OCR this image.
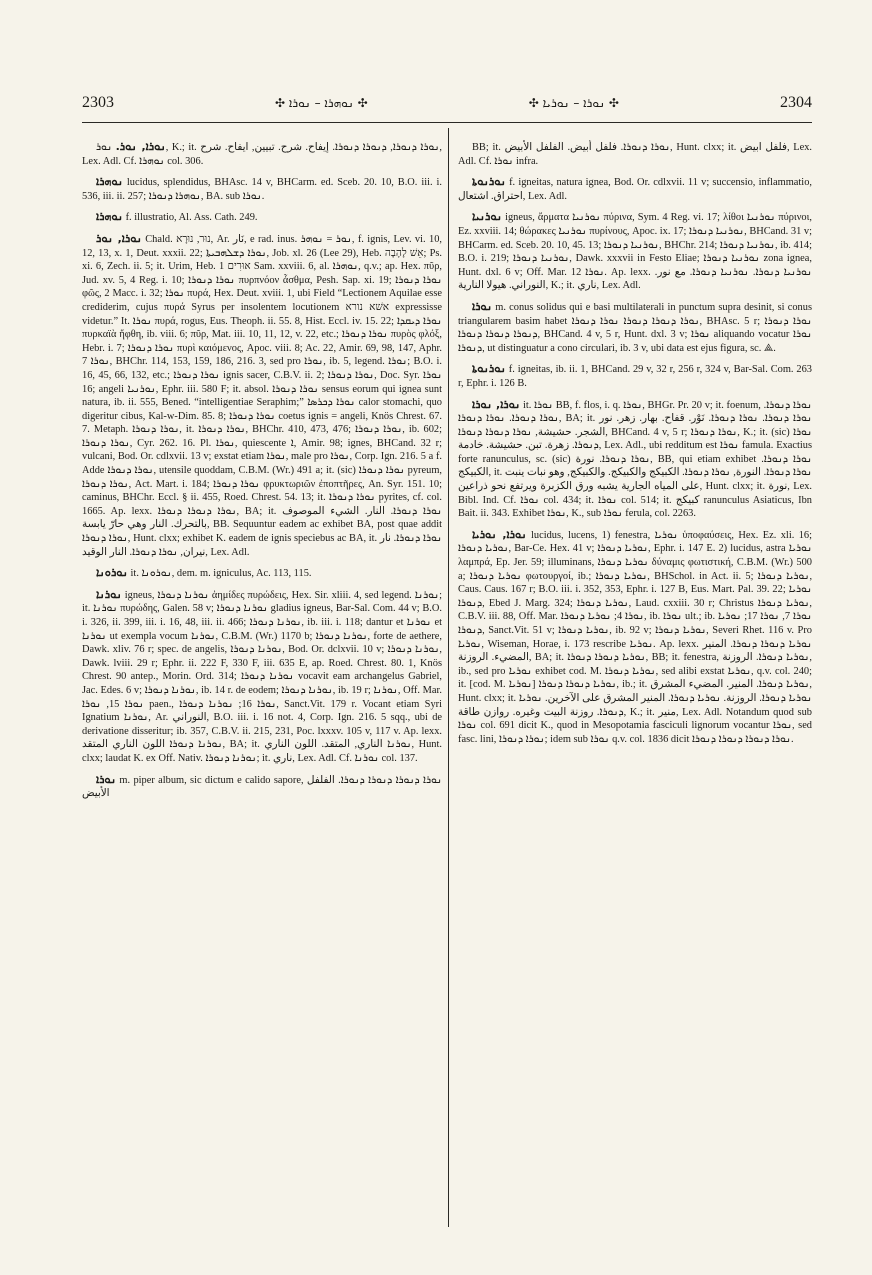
2303	✣ ܢܘܗܪܐ – ܢܘܪܐ ✣	✣ ܢܘܪܐ – ܢܘܪܝܐ ✣	2304

ܢܘܪܐ, ܢܘܪ. ܢܘܪ, K.; it. ܢܘܪܐ ܕܢܘܪܐ, ܕܢܘܪܐ ܕܢܘܪܐ. إيفاح. شرح. تبيين, ايفاح. شرح, Lex. Adl. Cf. ܢܘܗܪܐ col. 306.

ܢܘܗܪܐ lucidus, splendidus, BHAsc. 14 v, BHCarm. ed. Sceb. 20. 10, B.O. iii. i. 536, iii. ii. 257; ܢܘܗܪܐ ܕܢܘܪܐ, BA. sub ܢܘܪܐ.

ܢܘܗܪܐ f. illustratio, Al. Ass. Cath. 249.

ܢܘܪܐ, ܢܘܪ Chald. נוּר, נוּרָא, Ar. نَار, e rad. inus. ܢܘܪ = ܢܘܗܪ, f. ignis, Lev. vi. 10, 12, 13, x. 1, Deut. xxxii. 22; ܢܘܪܐ ܕܫܠܗܒܝܬܐ, Job. xl. 26 (Lee 29), Heb. אֵשׁ לָהָבָה; Ps. xi. 6, Zech. ii. 5; it. Urim, Heb. אוּרִים 1 Sam. xxviii. 6, al. ܢܘܗܪܐ, q.v.; ap. Hex. πῦρ, Jud. xv. 5, 4 Reg. i. 10; ܢܘܪܐ ܕܢܘܪܐ πυρπνόον ἆσθμα, Pesh. Sap. xi. 19; ܢܘܪܐ ܕܢܘܪܐ φῶς, 2 Macc. i. 32; ܢܘܪܐ πυρά, Hex. Deut. xviii. 1, ubi Field “Lectionem Aquilae esse crediderim, cujus πυρά Syrus per insolentem locutionem אשׁא נורא expressisse videtur.” It. ܢܘܪܐ πυρά, rogus, Eus. Theoph. ii. 55. 8, Hist. Eccl. iv. 15. 22; ܢܘܪܐ ܕܝܩܕܐ πυρκαϊὰ ἥφθη, ib. viii. 6; πῦρ, Mat. iii. 10, 11, 12, v. 22, etc.; ܢܘܪܐ ܕܢܘܪܐ πυρὸς φλόξ, Hebr. i. 7; ܢܘܪܐ ܕܢܘܪܐ πυρὶ καιόμενος, Apoc. viii. 8; Ac. 22, Amir. 69, 98, 147, Aphr. ܢܘܪܐ 7, BHChr. 114, 153, 159, 186, 216. 3, sed pro ܢܘܪܐ, ib. 5, legend. ܢܘܪܐ; B.O. i. 16, 45, 66, 132, etc.; ܢܘܪܐ ܕܢܘܪܐ ignis sacer, C.B.V. ii. 2; ܢܘܪܐ ܕܢܘܪܐ, Doc. Syr. ܢܘܪܐ 16; angeli ܢܘܪܢܝܐ, Ephr. iii. 580 F; it. absol. ܢܘܪܐ ܕܢܘܪܐ sensus eorum qui ignea sunt natura, ib. ii. 555, Bened. “intelligentiae Seraphim;” ܢܘܪܐ ܕܟܪܣܐ calor stomachi, quo digeritur cibus, Kal-w-Dim. 85. 8; ܢܘܪܐ ܕܢܘܪܐ coetus ignis = angeli, Knös Chrest. 67. 7. Metaph. ܢܘܪܐ ܕܢܘܪܐ, it. ܢܘܪܐ ܕܢܘܪܐ, BHChr. 410, 473, 476; ܢܘܪܐ ܕܢܘܪܐ, ib. 602; ܢܘܪܐ ܕܢܘܪܐ, Cyr. 262. 16. Pl. ܢܘܪܐ, quiescente ܐ, Amir. 98; ignes, BHCand. 32 r; vulcani, Bod. Or. cdlxvii. 13 v; exstat etiam ܢܘܪܐ, male pro ܢܘܪܐ, Corp. Ign. 216. 5 a f. Adde ܢܘܪܐ ܕܢܘܪܐ, utensile quoddam, C.B.M. (Wr.) 491 a; it. (sic) ܢܘܪܐ ܕܢܘܪܐ pyreum, ܢܘܪܐ ܕܢܘܪܐ, Act. Mart. i. 184; ܢܘܪܐ ܕܢܘܪܐ φρυκτωριῶν ἐποπτῆρες, An. Syr. 151. 10; caminus, BHChr. Eccl. § ii. 455, Roed. Chrest. 54. 13; it. ܢܘܪܐ ܕܢܘܪܐ pyrites, cf. col. 1665. Ap. lexx. ܢܘܪܐ ܕܢܘܪܐ ܕܢܘܪܐ, BA; it. ܢܘܪܐ ܕܢܘܪܐ. النار. الشيء الموصوف بالتحرك. النار وهي حارّ يابسة, BB. Sequuntur eadem ac exhibet BA, post quae addit ܢܘܪܐ ܕܢܘܪܐ, Hunt. clxx; exhibet K. eadem de ignis speciebus ac BA, it. ܢܘܪܐ ܕܢܘܪܐ. نار نيران, ܢܘܪܐ ܕܢܘܪܐ. النار الوقيد, Lex. Adl.

ܢܘܪܘܢܐ it. ܢܘܪܘܢܐ, dem. m. igniculus, Ac. 113, 115.

ܢܘܪܢܐ igneus, ܢܘܪܢܐ ܕܢܘܪܐ ἀημίδες πυρώδεις, Hex. Sir. xliii. 4, sed legend. ܢܘܪܢܐ; it. ܢܘܪܢܐ πυρώδης, Galen. 58 v; ܢܘܪܢܐ ܕܢܘܪܐ gladius igneus, Bar-Sal. Com. 44 v; B.O. i. 326, ii. 399, iii. i. 16, 48, iii. ii. 466; ܢܘܪܢܐ ܕܢܘܪܐ, ib. iii. i. 118; dantur et ܢܘܪܢܐ et ܢܘܪܢܐ ut exempla vocum ܢܘܪܢܐ, C.B.M. (Wr.) 1170 b; ܢܘܪܢܐ ܕܢܘܪܐ, forte de aethere, Dawk. xliv. 76 r; spec. de angelis, ܢܘܪܢܐ ܕܢܘܪܐ, Bod. Or. dclxvii. 10 v; ܢܘܪܢܐ ܕܢܘܪܐ, Dawk. lviii. 29 r; Ephr. ii. 222 F, 330 F, iii. 635 E, ap. Roed. Chrest. 80. 1, Knös Chrest. 90 antep., Morin. Ord. 314; ܢܘܪܢܐ ܕܢܘܪܐ vocavit eam archangelus Gabriel, Jac. Edes. 6 v; ܢܘܪܢܐ ܕܢܘܪܐ, ib. 14 r. de eodem; ܢܘܪܢܐ ܕܢܘܪܐ, ib. 19 r; ܢܘܪܢܐ, Off. Mar. ܢܘܪܐ 15, ܢܘܪܐ paen., ܢܘܪܐ 16; ܢܘܪܢܐ ܕܢܘܪܐ, Sanct.Vit. 179 r. Vocant etiam Syri Ignatium ܢܘܪܢܐ, Ar. النوراني, B.O. iii. i. 16 not. 4, Corp. Ign. 216. 5 sqq., ubi de derivatione disseritur; ib. 357, C.B.V. ii. 215, 231, Poc. lxxxv. 105 v, 117 v. Ap. lexx. ܢܘܪܢܐ ܕܢܘܪܐ اللون الناري المتقد, BA; it. ܢܘܪܢܐ الناري, المتقد. اللون الناري, Hunt. clxx; laudat K. ex Off. Nativ. ܢܘܪܢܐ ܕܢܘܪܐ; it. ناري, Lex. Adl. Cf. ܢܘܪܢܐ col. 137.

ܢܘܪܐ m. piper album, sic dictum e calido sapore, ܢܘܪܐ ܕܢܘܪܐ ܕܢܘܪܐ ܕܢܘܪܐ. الفلفل الأبيض

BB; it. ܢܘܪܐ ܕܢܘܪܐ. فلفل أبيض. الفلفل الأبيض, Hunt. clxx; it. فلفل ابيض, Lex. Adl. Cf. ܢܘܪܐ infra.

ܢܘܪܢܘܬܐ f. igneitas, natura ignea, Bod. Or. cdlxvii. 11 v; succensio, inflammatio, احتراق. اشتعال, Lex. Adl.

ܢܘܪܢܝܐ igneus, ἄρματα ܢܘܪܢܝܐ πύρινα, Sym. 4 Reg. vi. 17; λίθοι ܢܘܪܢܝܐ πύρινοι, Ez. xxviii. 14; θώρακες ܢܘܪܢܝܐ πυρίνους, Apoc. ix. 17; ܢܘܪܢܝܐ ܕܢܘܪܐ, BHCand. 31 v; BHCarm. ed. Sceb. 20. 10, 45. 13; ܢܘܪܢܝܐ ܕܢܘܪܐ, BHChr. 214; ܢܘܪܢܝܐ ܕܢܘܪܐ, ib. 414; B.O. i. 219; ܢܘܪܢܝܐ ܕܢܘܪܐ, Dawk. xxxvii in Festo Eliae; ܢܘܪܢܝܐ ܕܢܘܪܐ zona ignea, Hunt. dxl. 6 v; Off. Mar. ܢܘܪܐ 12. Ap. lexx. ܢܘܪܢܝܐ ܕܢܘܪܐ. ܢܘܪܢܝܐ ܕܢܘܪܐ. مع نور. النوراني. هيولا النارية, K.; it. ناري, Lex. Adl.

ܢܘܪܐ m. conus solidus qui e basi multilaterali in punctum supra desinit, si conus triangularem basim habet ܢܘܪܐ ܕܢܘܪܐ ܕܢܘܪܐ ܢܘܪܐ ܕܢܘܪܐ, BHAsc. 5 r; ܢܘܪܐ ܕܢܘܪܐ ܕܢܘܪܐ ܕܢܘܪܐ ܕܢܘܪܐ, BHCand. 4 v, 5 r, Hunt. dxl. 3 v; ܢܘܪܐ aliquando vocatur ܢܘܪܐ ܕܢܘܪܐ, ut distinguatur a cono circulari, ib. 3 v, ubi data est ejus figura, sc. ⟁.

ܢܘܪܢܘܬܐ f. igneitas, ib. ii. 1, BHCand. 29 v, 32 r, 256 r, 324 v, Bar-Sal. Com. 263 r, Ephr. i. 126 B.

ܢܘܪܐ, ܢܘܪܐ it. ܢܘܪܐ BB, f. flos, i. q. ܢܘܪܐ, BHGr. Pr. 20 v; it. foenum, ܢܘܪܐ ܕܢܘܪܐ. ܢܘܪܐ ܕܢܘܪܐ. ܢܘܪܐ ܕܢܘܪܐ, BA; it. ܢܘܪܐ ܕܢܘܪܐ. ܢܘܪܐ ܕܢܘܪܐ. نَوْر. قفاح. بهار. زهر. نور الشجر. حشيشة, ܢܘܪܐ ܕܢܘܪܐ ܕܢܘܪܐ, BHCand. 4 v, 5 r; ܢܘܪܐ ܕܢܘܪܐ, K.; it. (sic) ܢܘܪܐ ܕܢܘܪܐ. زهرة. تبن. حشيشة. خادمة, Lex. Adl., ubi redditum est ܢܘܪܐ famula. Exactius forte ranunculus, sc. (sic) ܢܘܪܐ ܕܢܘܪܐ. نورة, BB, qui etiam exhibet ܢܘܪܐ ܕܢܘܪܐ. الكبيكج, it. ܢܘܪܐ ܕܢܘܪܐ. النورة, ܢܘܪܐ ܕܢܘܪܐ. الكبيكج والكبيكج. والكبيكج, وهو نبات ينبت على المياه الجارية يشبه ورق الكزبرة ويرتفع نحو ذراعين, Hunt. clxx; it. نورة, Lex. Bibl. Ind. Cf. ܢܘܪܐ col. 434; it. ܢܘܪܐ col. 514; it. كبيكج ranunculus Asiaticus, Ibn Bait. ii. 343. Exhibet ܢܘܪܐ, K., sub ܢܘܪܐ ferula, col. 2263.

ܢܘܪܐ, ܢܘܪܝܐ lucidus, lucens, 1) fenestra, ܢܘܪܝܐ ὑποφαύσεις, Hex. Ez. xli. 16; ܢܘܪܝܐ ܕܢܘܪܐ, Bar-Ce. Hex. 41 v; ܢܘܪܝܐ ܕܢܘܪܐ, Ephr. i. 147 E. 2) lucidus, astra ܢܘܪܝܐ λαμπρά, Ep. Jer. 59; illuminans, ܢܘܪܝܐ ܕܢܘܪܐ δύναμις φωτιστική, C.B.M. (Wr.) 500 a; ܢܘܪܝܐ ܕܢܘܪܐ φωτουργοί, ib.; ܢܘܪܝܐ ܕܢܘܪܐ, BHSchol. in Act. ii. 5; ܢܘܪܝܐ ܕܢܘܪܐ, Caus. Caus. 167 r; B.O. iii. i. 352, 353, Ephr. i. 127 B, Eus. Mart. Pal. 39. 22; ܢܘܪܝܐ ܕܢܘܪܐ, Ebed J. Marg. 324; ܢܘܪܝܐ ܕܢܘܪܐ, Laud. cxxiii. 30 r; Christus ܢܘܪܝܐ ܕܢܘܪܐ, C.B.V. iii. 88, Off. Mar. ܢܘܪܐ 4; ܢܘܪܝܐ ܕܢܘܪܐ, ib. ܢܘܪܐ ult.; ib. ܢܘܪܐ 7, ܢܘܪܐ 17; ܢܘܪܝܐ ܕܢܘܪܐ, Sanct.Vit. 51 v; ܢܘܪܝܐ ܕܢܘܪܐ, ib. 92 v; ܢܘܪܝܐ ܕܢܘܪܐ, Severi Rhet. 116 v. Pro ܢܘܪܝܐ, Wiseman, Horae, i. 173 rescribe ܢܘܪܝܐ. Ap. lexx. ܢܘܪܝܐ ܕܢܘܪܐ ܕܢܘܪܐ. المنير المضيء. الروزنة, BA; it. ܢܘܪܝܐ ܕܢܘܪܐ ܕܢܘܪܐ, BB; it. fenestra, ܢܘܪܝܐ ܕܢܘܪܐ. الروزنة, ib., sed pro ܢܘܪܝܐ exhibet cod. M. ܢܘܪܝܐ ܕܢܘܪܐ, sed alibi exstat ܢܘܪܝܐ, q.v. col. 240; it. [cod. M. ܢܘܪܝܐ] ܢܘܪܝܐ ܕܢܘܪܐ ܕܢܘܪܐ, ib.; it. ܢܘܪܝܐ ܕܢܘܪܐ. المنير. المضيء المشرق, Hunt. clxx; it. ܢܘܪܝܐ ܕܢܘܪܐ. الروزنة. ܢܘܪܝܐ ܕܢܘܪܐ. المنير المشرق على الآخرين. ܢܘܪܝܐ ܕܢܘܪܐ. روزنة البيت وغيره. روازن طاقة, K.; it. منير, Lex. Adl. Notandum quod sub ܢܘܪܐ col. 691 dicit K., quod in Mesopotamia fasciculi lignorum vocantur ܢܘܪܐ, sed fasc. lini, ܢܘܪܐ ܕܢܘܪܐ; idem sub ܢܘܪܐ q.v. col. 1836 dicit ܢܘܪܐ ܕܢܘܪܐ ܕܢܘܪܐ ܕܢܘܪܐ.
